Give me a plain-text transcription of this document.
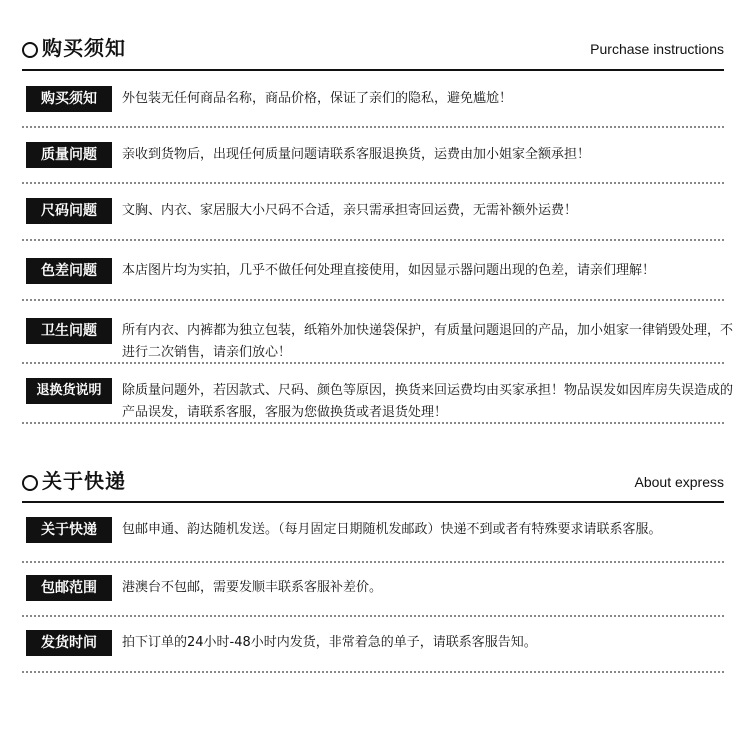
购买须知	Purchase instructions
购买须知	外包装无任何商品名称，商品价格，保证了亲们的隐私，避免尴尬！
质量问题	亲收到货物后，出现任何质量问题请联系客服退换货，运费由加小姐家全额承担！
尺码问题	文胸、内衣、家居服大小尺码不合适，亲只需承担寄回运费，无需补额外运费！
色差问题	本店图片均为实拍，几乎不做任何处理直接使用，如因显示器问题出现的色差，请亲们理解！
卫生问题	所有内衣、内裤都为独立包装，纸箱外加快递袋保护，有质量问题退回的产品，加小姐家一律销毁处理，不进行二次销售，请亲们放心！
退换货说明	除质量问题外，若因款式、尺码、颜色等原因，换货来回运费均由买家承担！物品误发如因库房失误造成的产品误发，请联系客服，客服为您做换货或者退货处理！
关于快递	About express
关于快递	包邮申通、韵达随机发送。（每月固定日期随机发邮政）快递不到或者有特殊要求请联系客服。
包邮范围	港澳台不包邮，需要发顺丰联系客服补差价。
发货时间	拍下订单的24小时-48小时内发货，非常着急的单子，请联系客服告知。
